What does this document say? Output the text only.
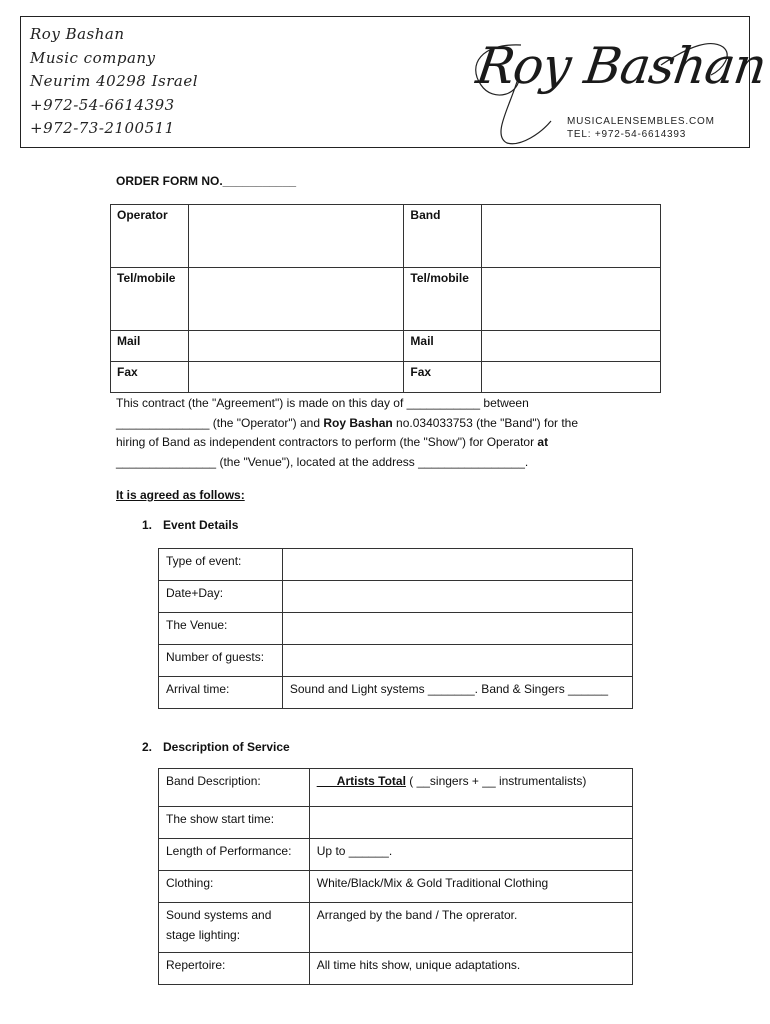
Roy Bashan
Music company
Neurim 40298 Israel
+972-54-6614393
+972-73-2100511
Roy Bashan
MUSICALENSEMBLES.COM
TEL: +972-54-6614393
ORDER FORM NO.___________
Operator		Band	
Tel/mobile		Tel/mobile	
Mail		Mail	
Fax		Fax	
This contract (the "Agreement") is made on this day of ___________ between
______________ (the "Operator") and Roy Bashan no.034033753 (the "Band") for the
hiring of Band as independent contractors to perform (the "Show") for Operator at
_______________ (the "Venue"), located at the address ________________.
It is agreed as follows:
1. Event Details
Type of event:	
Date+Day:	
The Venue:	
Number of guests:	
Arrival time:	Sound and Light systems _______. Band & Singers ______
2. Description of Service
Band Description:	___Artists Total ( __singers + __ instrumentalists)
The show start time:	
Length of Performance:	Up to ______.
Clothing:	White/Black/Mix & Gold Traditional Clothing
Sound systems and stage lighting:	Arranged by the band / The oprerator.
Repertoire:	All time hits show, unique adaptations.
